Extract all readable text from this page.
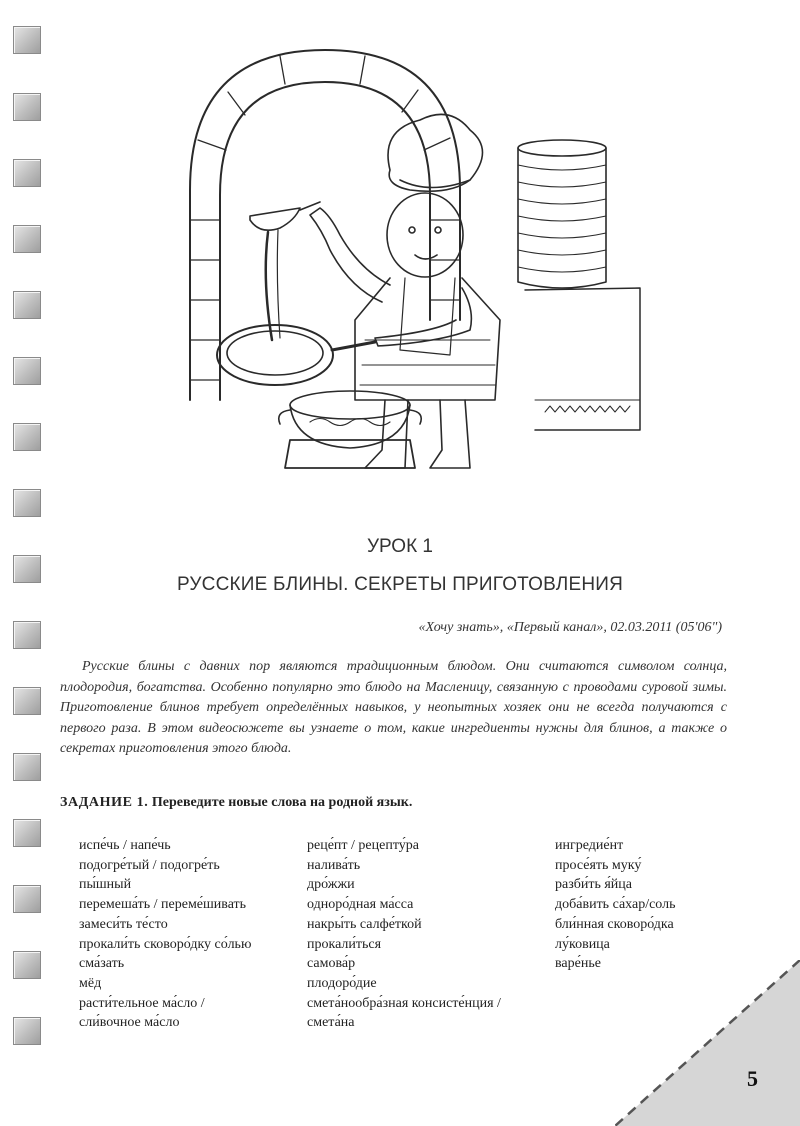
УРОК 1
РУССКИЕ БЛИНЫ. СЕКРЕТЫ ПРИГОТОВЛЕНИЯ
«Хочу знать», «Первый канал», 02.03.2011 (05'06")

Русские блины с давних пор являются традиционным блюдом. Они считаются символом солнца, плодородия, богатства. Особенно популярно это блюдо на Масленицу, связанную с проводами суровой зимы. Приготовление блинов требует определённых навыков, у неопытных хозяек они не всегда получаются с первого раза. В этом видеосюжете вы узнаете о том, какие ингредиенты нужны для блинов, а также о секретах приготовления этого блюда.

ЗАДАНИЕ 1. Переведите новые слова на родной язык.
испе́чь / напе́чь
подогре́тый / подогре́ть
пы́шный
перемеша́ть / переме́шивать
замеси́ть те́сто
прокали́ть сковоро́дку со́лью
сма́зать
мёд
расти́тельное ма́сло /
сли́вочное ма́сло
реце́пт / рецепту́ра
налива́ть
дро́жжи
одноро́дная ма́сса
накры́ть салфе́ткой
прокали́ться
самова́р
плодоро́дие
смета́нообра́зная консисте́нция /
смета́на
ингредие́нт
просе́ять муку́
разби́ть я́йца
доба́вить са́хар/соль
бли́нная сковоро́дка
лу́ковица
варе́нье
5
